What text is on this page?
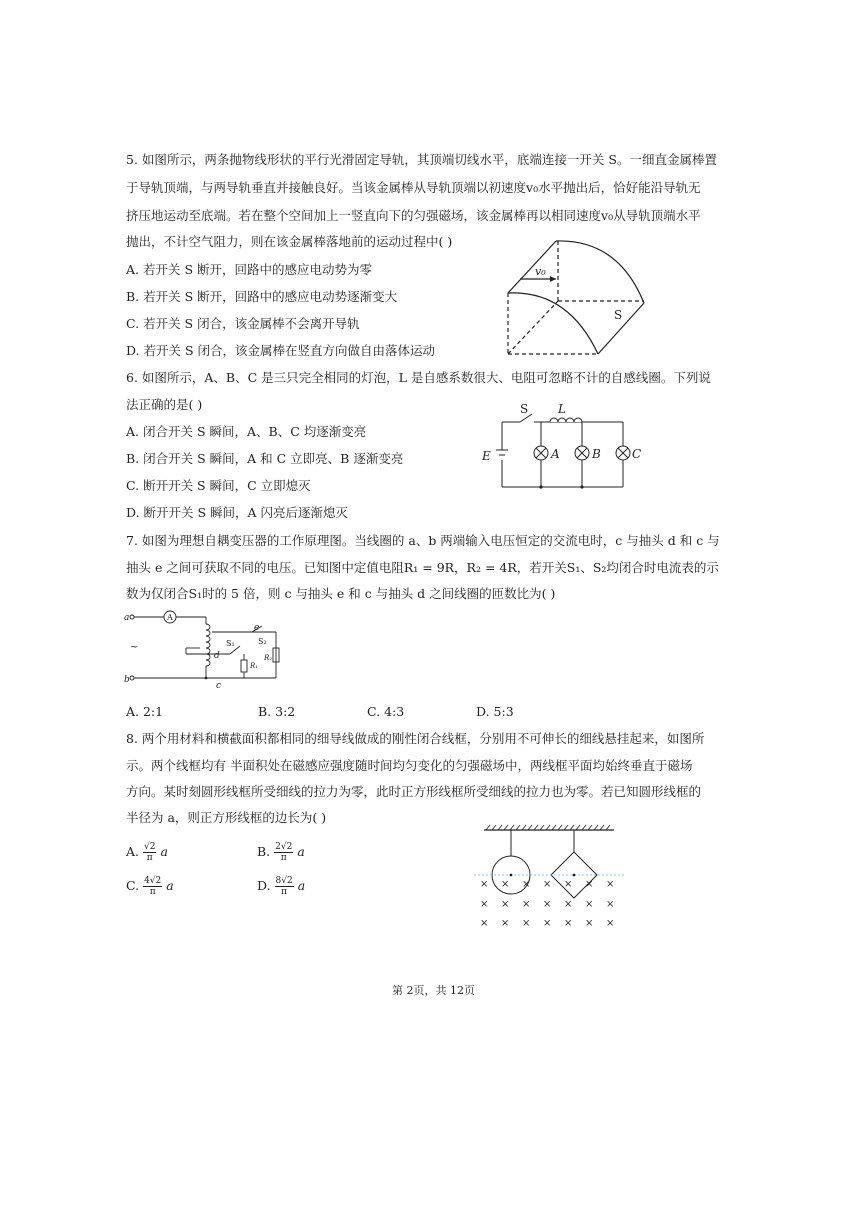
5. 如图所示，两条抛物线形状的平行光滑固定导轨，其顶端切线水平，底端连接一开关 S。一细直金属棒置
于导轨顶端，与两导轨垂直并接触良好。当该金属棒从导轨顶端以初速度v₀水平抛出后，恰好能沿导轨无
挤压地运动至底端。若在整个空间加上一竖直向下的匀强磁场，该金属棒再以相同速度v₀从导轨顶端水平
抛出，不计空气阻力，则在该金属棒落地前的运动过程中( )
A. 若开关 S 断开，回路中的感应电动势为零
B. 若开关 S 断开，回路中的感应电动势逐渐变大
C. 若开关 S 闭合，该金属棒不会离开导轨
D. 若开关 S 闭合，该金属棒在竖直方向做自由落体运动
v₀
S
6. 如图所示，A、B、C 是三只完全相同的灯泡，L 是自感系数很大、电阻可忽略不计的自感线圈。下列说
法正确的是( )
A. 闭合开关 S 瞬间，A、B、C 均逐渐变亮
B. 闭合开关 S 瞬间，A 和 C 立即亮、B 逐渐变亮
C. 断开开关 S 瞬间，C 立即熄灭
D. 断开开关 S 瞬间，A 闪亮后逐渐熄灭
S L
E	A	B	C
7. 如图为理想自耦变压器的工作原理图。当线圈的 a、b 两端输入电压恒定的交流电时，c 与抽头 d 和 c 与
抽头 e 之间可获取不同的电压。已知图中定值电阻R₁ = 9R，R₂ = 4R，若开关S₁、S₂均闭合时电流表的示
数为仅闭合S₁时的 5 倍，则 c 与抽头 e 和 c 与抽头 d 之间线圈的匝数比为( )
a
b
c
d
e
A
S₁	S₂
R₁
R₂
~
A. 2:1	B. 3:2	C. 4:3	D. 5:3
8. 两个用材料和横截面积都相同的细导线做成的刚性闭合线框，分别用不可伸长的细线悬挂起来，如图所
示。两个线框均有 半面积处在磁感应强度随时间均匀变化的匀强磁场中，两线框平面均始终垂直于磁场
方向。某时刻圆形线框所受细线的拉力为零，此时正方形线框所受细线的拉力也为零。若已知圆形线框的
半径为 a，则正方形线框的边长为( )
A. $\frac{√2}{\pi}$ a	B. $\frac{2√2}{\pi}$ a
C. $\frac{4√2}{\pi}$ a	D. $\frac{8√2}{\pi}$ a	× × × × × × ×
× × × × × × ×
× × × × × × ×
第 2页，共 12页
